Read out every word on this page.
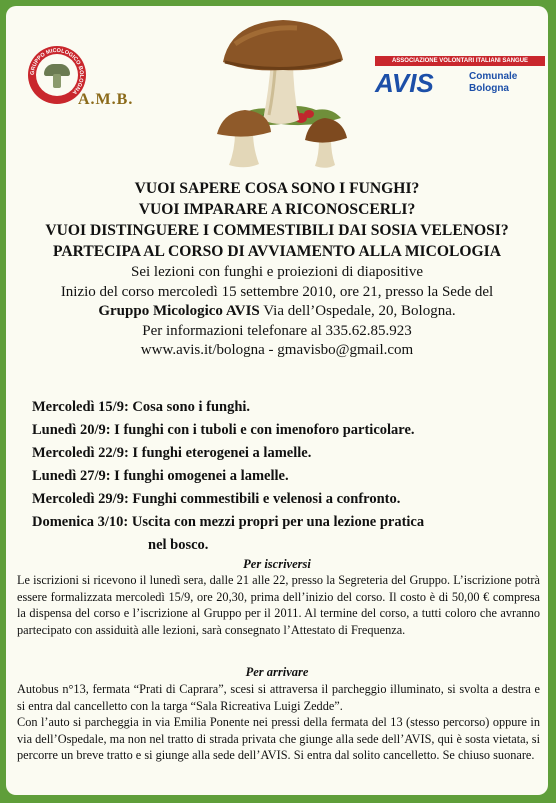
GRUPPO MICOLOGICO BOLOGNA A.M.B.
ASSOCIAZIONE VOLONTARI ITALIANI SANGUE
AVIS	Comunale
Bologna
VUOI SAPERE COSA SONO I FUNGHI?
VUOI IMPARARE A RICONOSCERLI?
VUOI DISTINGUERE I COMMESTIBILI DAI SOSIA VELENOSI?
PARTECIPA AL CORSO DI AVVIAMENTO ALLA MICOLOGIA
Sei lezioni con funghi e proiezioni di diapositive
Inizio del corso mercoledì 15 settembre 2010, ore 21, presso la Sede del
Gruppo Micologico AVIS Via dell’Ospedale, 20, Bologna.
Per informazioni telefonare al 335.62.85.923
www.avis.it/bologna - gmavisbo@gmail.com
Mercoledì 15/9: Cosa sono i funghi.
Lunedì 20/9: I funghi con i tuboli e con imenoforo particolare.
Mercoledì 22/9: I funghi eterogenei a lamelle.
Lunedì 27/9: I funghi omogenei a lamelle.
Mercoledì 29/9: Funghi commestibili e velenosi a confronto.
Domenica 3/10: Uscita con mezzi propri per una lezione pratica
nel bosco.
Per iscriversi
Le iscrizioni si ricevono il lunedì sera, dalle 21 alle 22, presso la Segreteria del Gruppo. L’iscrizione potrà essere formalizzata mercoledì 15/9, ore 20,30, prima dell’inizio del corso. Il costo è di 50,00 € compresa la dispensa del corso e l’iscrizione al Gruppo per il 2011. Al termine del corso, a tutti coloro che avranno partecipato con assiduità alle lezioni, sarà consegnato l’Attestato di Frequenza.
Per arrivare
Autobus n°13, fermata “Prati di Caprara”, scesi si attraversa il parcheggio illuminato, si svolta a destra e si entra dal cancelletto con la targa “Sala Ricreativa Luigi Zedde”.
Con l’auto si parcheggia in via Emilia Ponente nei pressi della fermata del 13 (stesso percorso) oppure in via dell’Ospedale, ma non nel tratto di strada privata che giunge alla sede dell’AVIS, qui è sosta vietata, si percorre un breve tratto e si giunge alla sede dell’AVIS. Si entra dal solito cancelletto. Se chiuso suonare.
